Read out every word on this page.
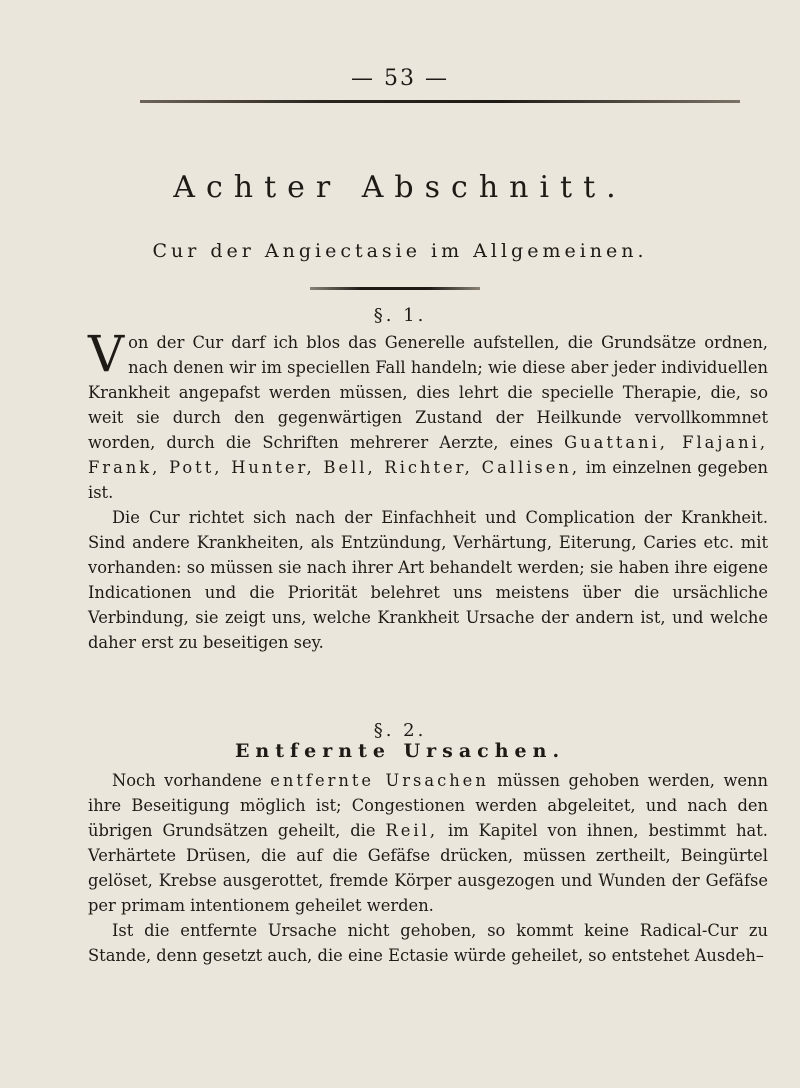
— 53 —
Achter Abschnitt.
Cur der Angiectasie im Allgemeinen.
§. 1.

Von der Cur darf ich blos das Generelle aufstellen, die Grundsätze ordnen, nach denen wir im speciellen Fall handeln; wie diese aber jeder individuellen Krankheit angepafst werden müssen, dies lehrt die specielle Therapie, die, so weit sie durch den gegenwärtigen Zustand der Heilkunde vervollkommnet worden, durch die Schriften mehrerer Aerzte, eines Guattani, Flajani, Frank, Pott, Hunter, Bell, Richter, Callisen, im einzelnen gegeben ist.

Die Cur richtet sich nach der Einfachheit und Complication der Krankheit. Sind andere Krankheiten, als Entzündung, Verhärtung, Eiterung, Caries etc. mit vorhanden: so müssen sie nach ihrer Art behandelt werden; sie haben ihre eigene Indicationen und die Priorität belehret uns meistens über die ursächliche Verbindung, sie zeigt uns, welche Krankheit Ursache der andern ist, und welche daher erst zu beseitigen sey.

§. 2.
Entfernte Ursachen.

Noch vorhandene entfernte Ursachen müssen gehoben werden, wenn ihre Beseitigung möglich ist; Congestionen werden abgeleitet, und nach den übrigen Grundsätzen geheilt, die Reil, im Kapitel von ihnen, bestimmt hat. Verhärtete Drüsen, die auf die Gefäfse drücken, müssen zertheilt, Beingürtel gelöset, Krebse ausgerottet, fremde Körper ausgezogen und Wunden der Gefäfse per primam intentionem geheilet werden.

Ist die entfernte Ursache nicht gehoben, so kommt keine Radical-Cur zu Stande, denn gesetzt auch, die eine Ectasie würde geheilet, so entstehet Ausdeh–
